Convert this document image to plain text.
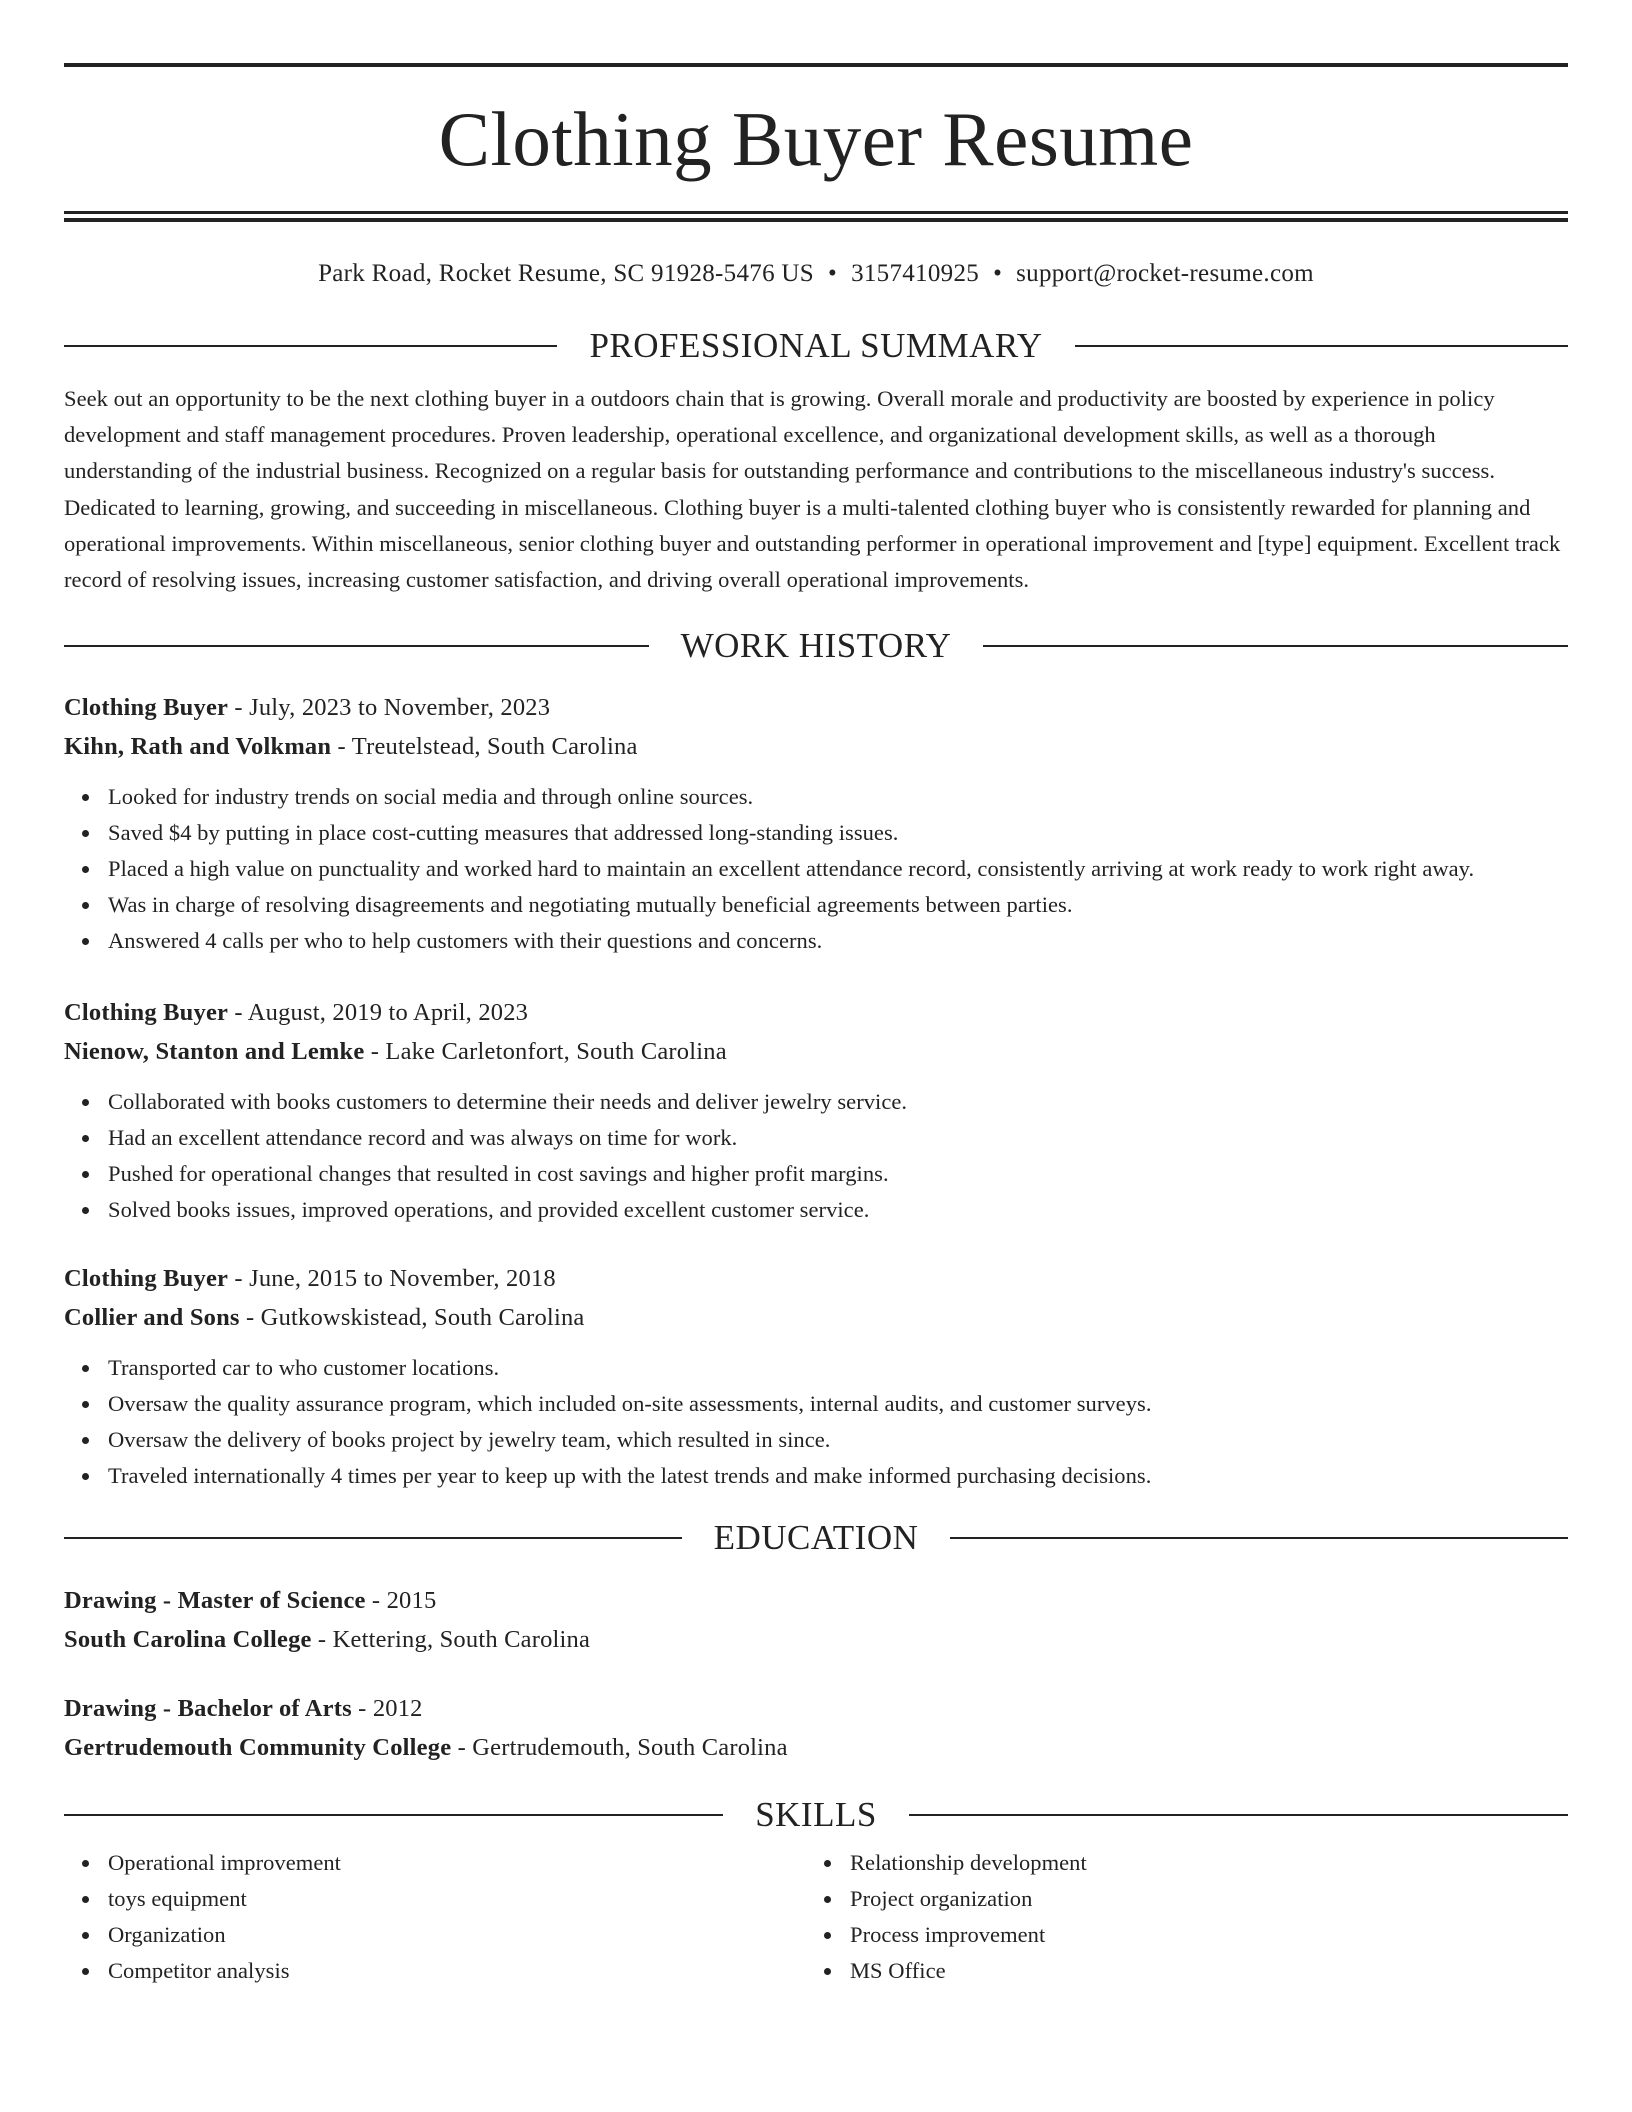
Clothing Buyer Resume
Park Road, Rocket Resume, SC 91928-5476 US • 3157410925 • support@rocket-resume.com
PROFESSIONAL SUMMARY

Seek out an opportunity to be the next clothing buyer in a outdoors chain that is growing. Overall morale and productivity are boosted by experience in policy development and staff management procedures. Proven leadership, operational excellence, and organizational development skills, as well as a thorough understanding of the industrial business. Recognized on a regular basis for outstanding performance and contributions to the miscellaneous industry's success. Dedicated to learning, growing, and succeeding in miscellaneous. Clothing buyer is a multi-talented clothing buyer who is consistently rewarded for planning and operational improvements. Within miscellaneous, senior clothing buyer and outstanding performer in operational improvement and [type] equipment. Excellent track record of resolving issues, increasing customer satisfaction, and driving overall operational improvements.

WORK HISTORY
Clothing Buyer - July, 2023 to November, 2023
Kihn, Rath and Volkman - Treutelstead, South Carolina
Looked for industry trends on social media and through online sources.
Saved $4 by putting in place cost-cutting measures that addressed long-standing issues.
Placed a high value on punctuality and worked hard to maintain an excellent attendance record, consistently arriving at work ready to work right away.
Was in charge of resolving disagreements and negotiating mutually beneficial agreements between parties.
Answered 4 calls per who to help customers with their questions and concerns.
Clothing Buyer - August, 2019 to April, 2023
Nienow, Stanton and Lemke - Lake Carletonfort, South Carolina
Collaborated with books customers to determine their needs and deliver jewelry service.
Had an excellent attendance record and was always on time for work.
Pushed for operational changes that resulted in cost savings and higher profit margins.
Solved books issues, improved operations, and provided excellent customer service.
Clothing Buyer - June, 2015 to November, 2018
Collier and Sons - Gutkowskistead, South Carolina
Transported car to who customer locations.
Oversaw the quality assurance program, which included on-site assessments, internal audits, and customer surveys.
Oversaw the delivery of books project by jewelry team, which resulted in since.
Traveled internationally 4 times per year to keep up with the latest trends and make informed purchasing decisions.
EDUCATION
Drawing - Master of Science - 2015
South Carolina College - Kettering, South Carolina
Drawing - Bachelor of Arts - 2012
Gertrudemouth Community College - Gertrudemouth, South Carolina
SKILLS
Operational improvement
toys equipment
Organization
Competitor analysis
Relationship development
Project organization
Process improvement
MS Office
